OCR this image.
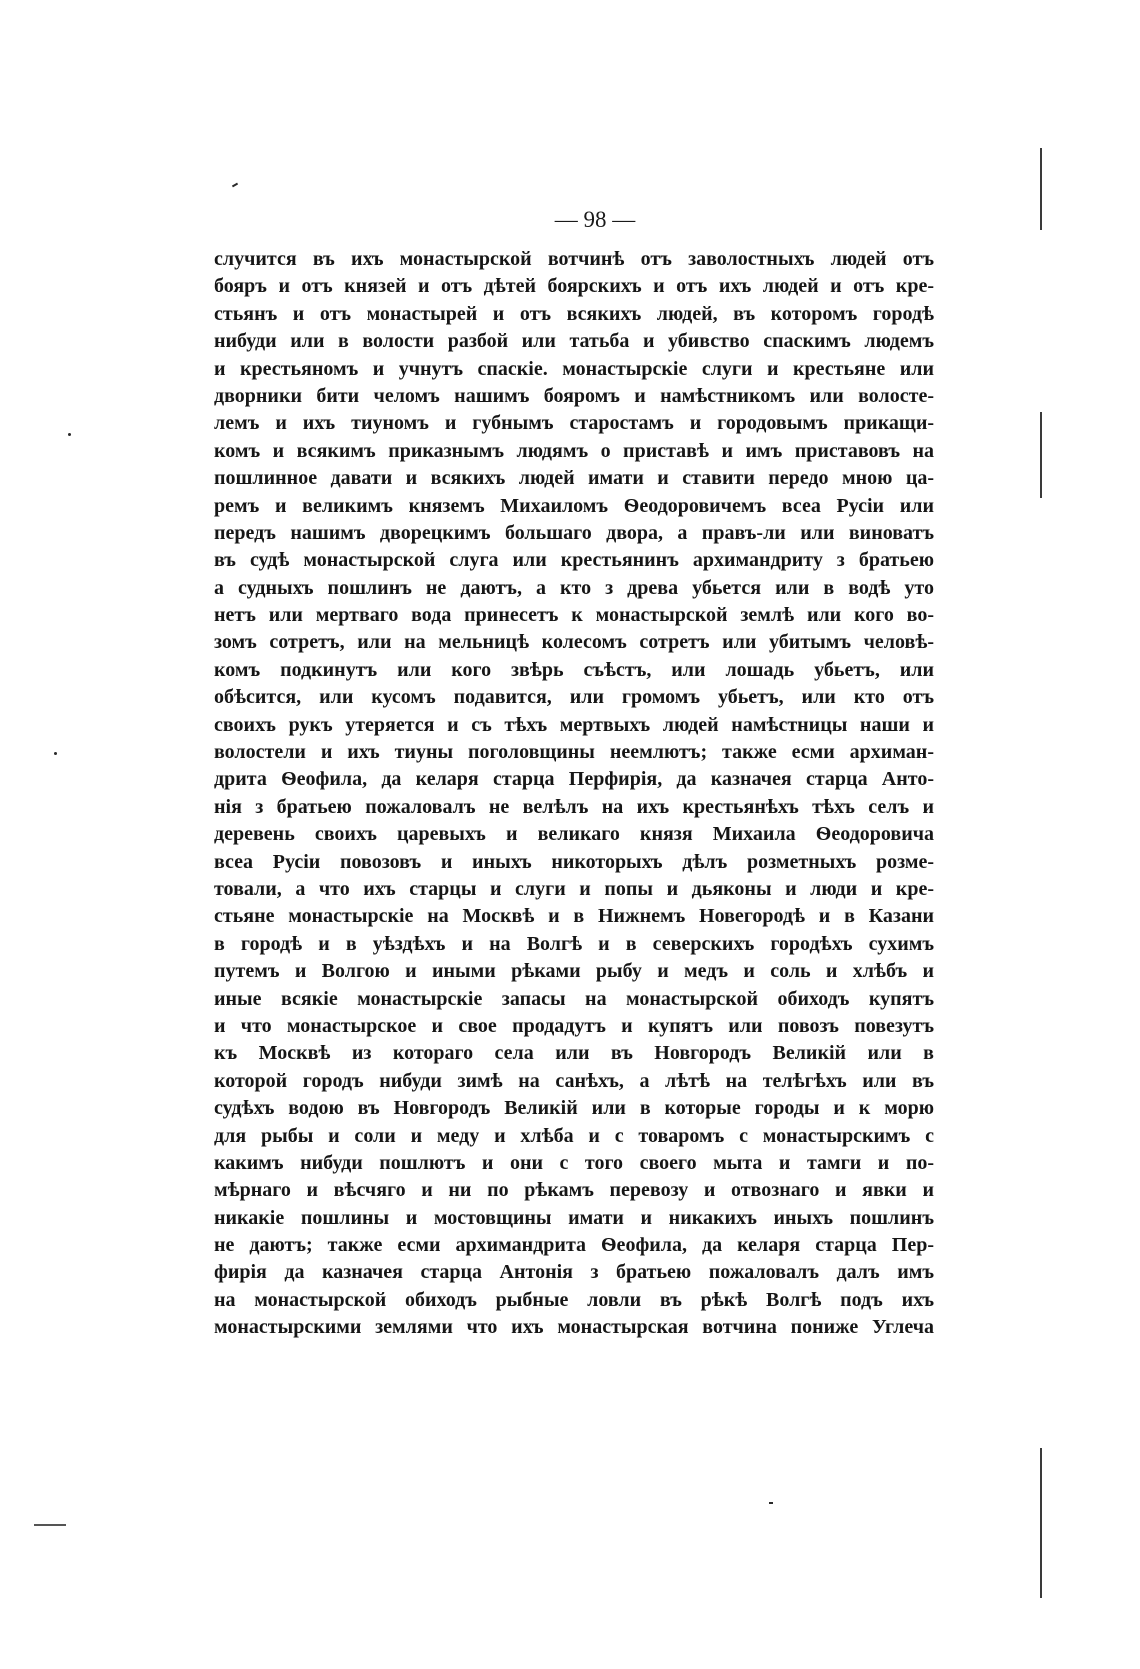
— 98 —
случится въ ихъ монастырской вотчинѣ отъ заволостныхъ людей отъ
бояръ и отъ князей и отъ дѣтей боярскихъ и отъ ихъ людей и отъ кре-
стьянъ и отъ монастырей и отъ всякихъ людей, въ которомъ городѣ
нибуди или в волости разбой или татьба и убивство спаскимъ людемъ
и крестьяномъ и учнутъ спаскіе. монастырскіе слуги и крестьяне или
дворники бити челомъ нашимъ бояромъ и намѣстникомъ или волосте-
лемъ и ихъ тиуномъ и губнымъ старостамъ и городовымъ прикащи-
комъ и всякимъ приказнымъ людямъ о приставѣ и имъ приставовъ на
пошлинное давати и всякихъ людей имати и ставити передо мною ца-
ремъ и великимъ княземъ Михаиломъ Ѳеодоровичемъ всеа Русіи или
передъ нашимъ дворецкимъ большаго двора, а правъ-ли или виноватъ
въ судѣ монастырской слуга или крестьянинъ архимандриту з братьею
а судныхъ пошлинъ не даютъ, а кто з древа убьется или в водѣ уто
нетъ или мертваго вода принесетъ к монастырской землѣ или кого во-
зомъ сотретъ, или на мельницѣ колесомъ сотретъ или убитымъ человѣ-
комъ подкинутъ или кого звѣрь съѣстъ, или лошадь убьетъ, или
обѣсится, или кусомъ подавится, или громомъ убьетъ, или кто отъ
своихъ рукъ утеряется и съ тѣхъ мертвыхъ людей намѣстницы наши и
волостели и ихъ тиуны поголовщины неемлютъ; также есми архиман-
дрита Ѳеофила, да келаря старца Перфирія, да казначея старца Анто-
нія з братьею пожаловалъ не велѣлъ на ихъ крестьянѣхъ тѣхъ селъ и
деревень своихъ царевыхъ и великаго князя Михаила Ѳеодоровича
всеа Русіи повозовъ и иныхъ никоторыхъ дѣлъ розметныхъ розме-
товали, а что ихъ старцы и слуги и попы и дьяконы и люди и кре-
стьяне монастырскіе на Москвѣ и в Нижнемъ Новегородѣ и в Казани
в городѣ и в уѣздѣхъ и на Волгѣ и в северскихъ городѣхъ сухимъ
путемъ и Волгою и иными рѣками рыбу и медъ и соль и хлѣбъ и
иные всякіе монастырскіе запасы на монастырской обиходъ купятъ
и что монастырское и свое продадутъ и купятъ или повозъ повезутъ
къ Москвѣ из котораго села или въ Новгородъ Великій или в
которой городъ нибуди зимѣ на санѣхъ, а лѣтѣ на телѣгѣхъ или въ
судѣхъ водою въ Новгородъ Великій или в которые городы и к морю
для рыбы и соли и меду и хлѣба и с товаромъ с монастырскимъ с
какимъ нибуди пошлютъ и они с того своего мыта и тамги и по-
мѣрнаго и вѣсчяго и ни по рѣкамъ перевозу и отвознаго и явки и
никакіе пошлины и мостовщины имати и никакихъ иныхъ пошлинъ
не даютъ; также есми архимандрита Ѳеофила, да келаря старца Пер-
фирія да казначея старца Антонія з братьею пожаловалъ далъ имъ
на монастырской обиходъ рыбные ловли въ рѣкѣ Волгѣ подъ ихъ
монастырскими землями что ихъ монастырская вотчина пониже Углеча
